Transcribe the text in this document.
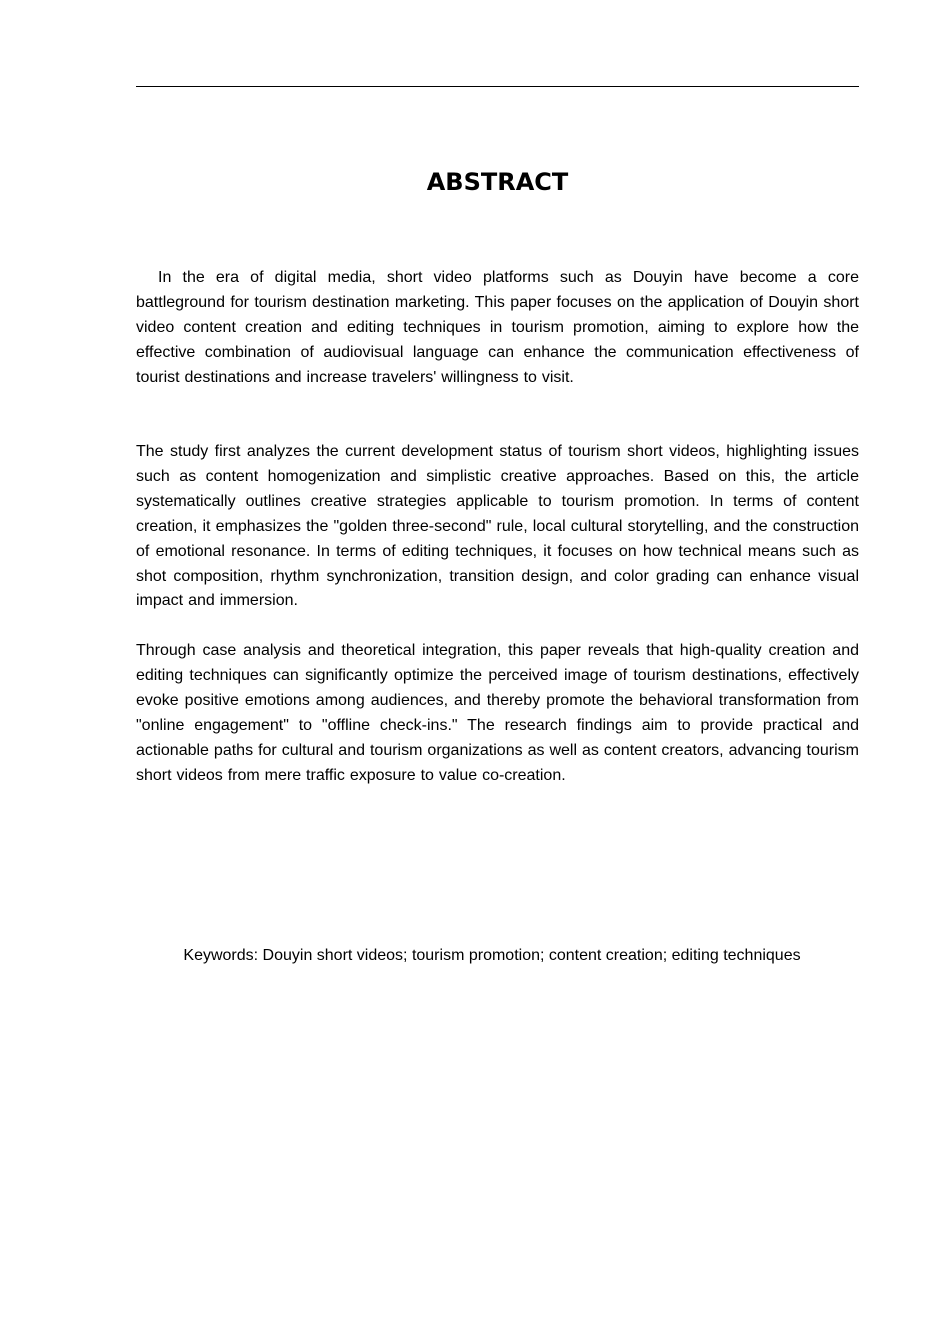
ABSTRACT

In the era of digital media, short video platforms such as Douyin have become a core battleground for tourism destination marketing. This paper focuses on the application of Douyin short video content creation and editing techniques in tourism promotion, aiming to explore how the effective combination of audiovisual language can enhance the communication effectiveness of tourist destinations and increase travelers' willingness to visit.

The study first analyzes the current development status of tourism short videos, highlighting issues such as content homogenization and simplistic creative approaches. Based on this, the article systematically outlines creative strategies applicable to tourism promotion. In terms of content creation, it emphasizes the "golden three-second" rule, local cultural storytelling, and the construction of emotional resonance. In terms of editing techniques, it focuses on how technical means such as shot composition, rhythm synchronization, transition design, and color grading can enhance visual impact and immersion.

Through case analysis and theoretical integration, this paper reveals that high-quality creation and editing techniques can significantly optimize the perceived image of tourism destinations, effectively evoke positive emotions among audiences, and thereby promote the behavioral transformation from "online engagement" to "offline check-ins." The research findings aim to provide practical and actionable paths for cultural and tourism organizations as well as content creators, advancing tourism short videos from mere traffic exposure to value co-creation.

Keywords: Douyin short videos; tourism promotion; content creation; editing techniques
